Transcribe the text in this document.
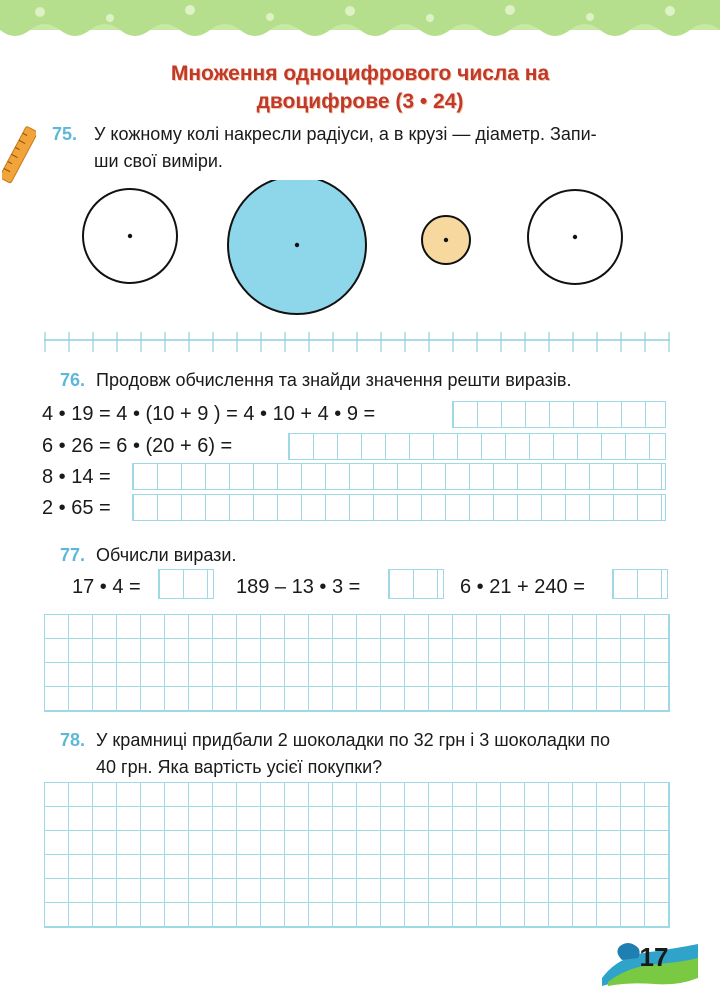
Множення одноцифрового числа на
двоцифрове (3 • 24)
75. У кожному колі накресли радіуси, а в крузі — діаметр. Запи-
ши свої виміри.
76. Продовж обчислення та знайди значення решти виразів.
4 • 19 = 4 • (10 + 9 ) = 4 • 10 + 4 • 9 =
6 • 26 = 6 • (20 + 6) =
8 • 14 =
2 • 65 =
77. Обчисли вирази.
17 • 4 =	189 – 13 • 3 =	6 • 21 + 240 =
78. У крамниці придбали 2 шоколадки по 32 грн і 3 шоколадки по
40 грн. Яка вартість усієї покупки?
17
